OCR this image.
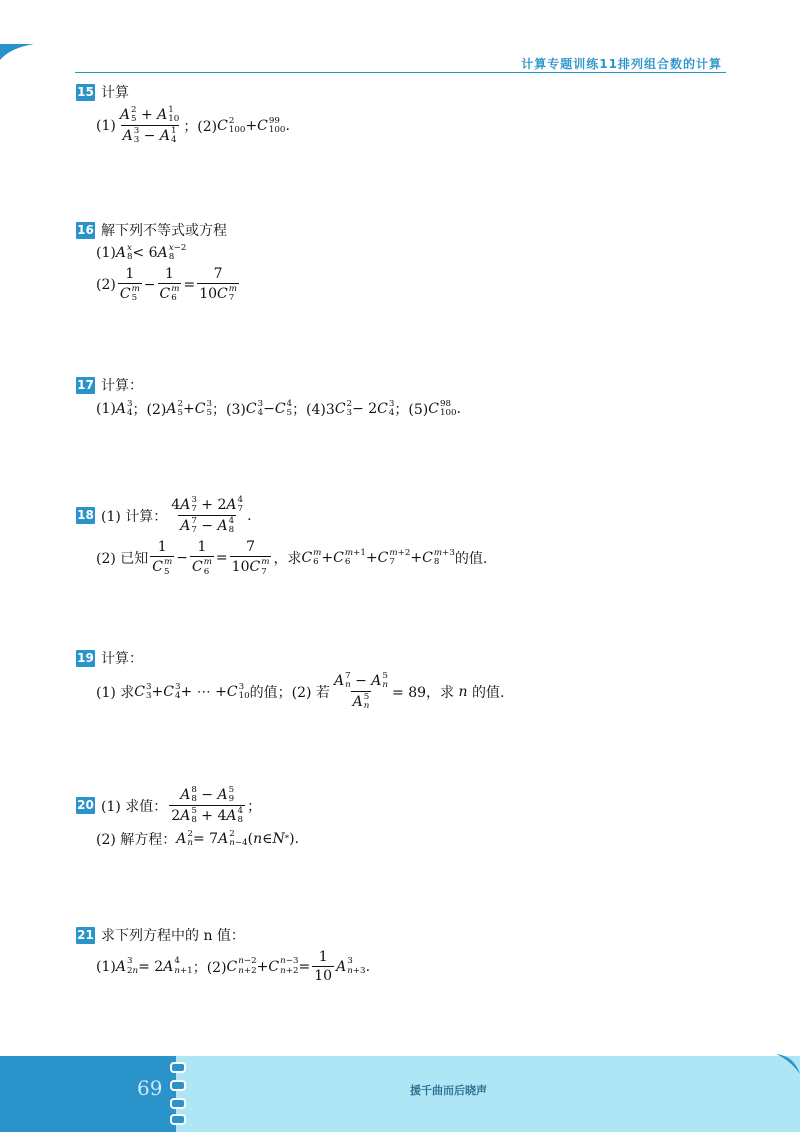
计算专题训练11排列组合数的计算
15 计算
(1) A 2
5 + A 1
10
A 3
3 − A 1
4 ；(2) C 2
100 + C 99
100 .
16 解下列不等式或方程
(1) A x
8 < 6 A x−2
8
(2) 1
C m
5 − 1
C m
6 = 7
10C m
7
17 计算：
(1) A 3
4 ；(2) A 2
5 + C 3
5 ；(3) C 3
4 − C 4
5 ；(4)3 C 2
3 − 2 C 3
4 ；(5) C 98
100 .
18 (1) 计算： 4A 3
7 + 2A 4
7
A 7
7 − A 4
8 .
(2) 已知 1
C m
5 − 1
C m
6 = 7
10C m
7 ，求 C m
6 + C m+1
6	+ C m+2
7	+ C m+3
8	的值.
19 计算：
(1) 求 C 3
3 + C 3
4 + ⋯ + C 3
10 的值；(2) 若 A 7
n − A 5
n
A 5
n = 89，求
n
的值.
20 (1) 求值： A 8
8 − A 5
9
2A 5
8 + 4A 4
8 ；
(2) 解方程： A 2
n = 7 A 2
n−4 ( n ∈ N * ).
21 求下列方程中的 n 值：
(1) A 3
2n = 2 A 4
n+1 ；(2) C n−2
n+2 + C n−3
$n+2 = \frac{1}{10}$ A 3
n+3 .
69	援千曲而后晓声
